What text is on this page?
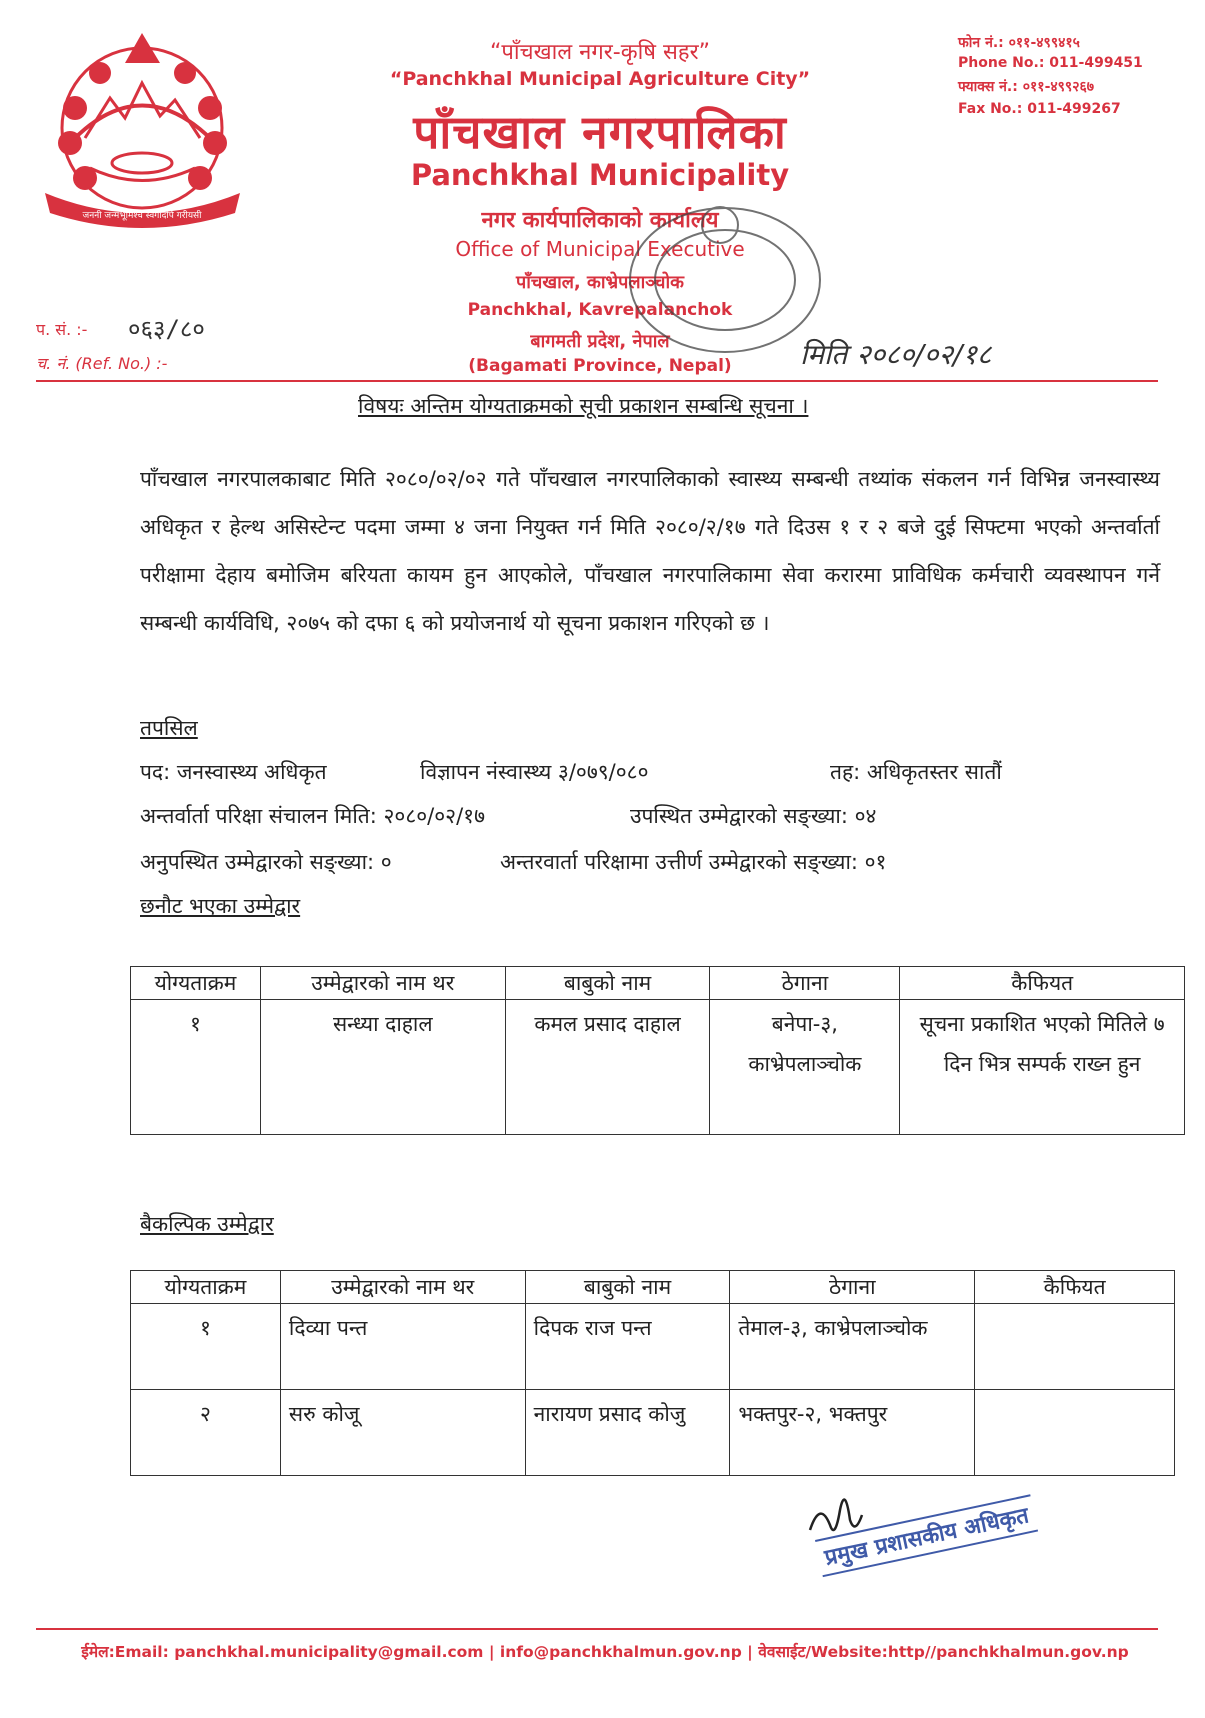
जननी जन्मभूमिश्च स्वर्गादपि गरीयसी
“पाँचखाल नगर-कृषि सहर”
“Panchkhal Municipal Agriculture City”
पाँचखाल नगरपालिका
Panchkhal Municipality
नगर कार्यपालिकाको कार्यालय
Office of Municipal Executive
पाँचखाल, काभ्रेपलाञ्चोक
Panchkhal, Kavrepalanchok
बागमती प्रदेश, नेपाल
(Bagamati Province, Nepal)
फोन नं.: ०११-४९९४१५
Phone No.: 011-499451
फ्याक्स नं.: ०११-४९९२६७
Fax No.: 011-499267
प. सं. :- ०६३/८०
च. नं. (Ref. No.) :-	मिति २०८०/०२/१८
विषयः अन्तिम योग्यताक्रमको सूची प्रकाशन सम्बन्धि सूचना ।
पाँचखाल नगरपालकाबाट मिति २०८०/०२/०२ गते पाँचखाल नगरपालिकाको स्वास्थ्य सम्बन्धी तथ्यांक संकलन गर्न विभिन्न जनस्वास्थ्य अधिकृत र हेल्थ असिस्टेन्ट पदमा जम्मा ४ जना नियुक्त गर्न मिति २०८०/२/१७ गते दिउस १ र २ बजे दुई सिफ्टमा भएको अन्तर्वार्ता परीक्षामा देहाय बमोजिम बरियता कायम हुन आएकोले, पाँचखाल नगरपालिकामा सेवा करारमा प्राविधिक कर्मचारी व्यवस्थापन गर्ने सम्बन्धी कार्यविधि, २०७५ को दफा ६ को प्रयोजनार्थ यो सूचना प्रकाशन गरिएको छ ।
तपसिल
पद: जनस्वास्थ्य अधिकृत	विज्ञापन नंस्वास्थ्य ३/०७९/०८०	तह: अधिकृतस्तर सातौं
अन्तर्वार्ता परिक्षा संचालन मिति: २०८०/०२/१७	उपस्थित उम्मेद्वारको सङ्ख्या: ०४
अनुपस्थित उम्मेद्वारको सङ्ख्या: ०	अन्तरवार्ता परिक्षामा उत्तीर्ण उम्मेद्वारको सङ्ख्या: ०१
छनौट भएका उम्मेद्वार
योग्यताक्रम	उम्मेद्वारको नाम थर	बाबुको नाम	ठेगाना	कैफियत
१	सन्ध्या दाहाल	कमल प्रसाद दाहाल	बनेपा-३, काभ्रेपलाञ्चोक	सूचना प्रकाशित भएको मितिले ७ दिन भित्र सम्पर्क राख्न हुन
बैकल्पिक उम्मेद्वार
योग्यताक्रम	उम्मेद्वारको नाम थर	बाबुको नाम	ठेगाना	कैफियत
१	दिव्या पन्त	दिपक राज पन्त	तेमाल-३, काभ्रेपलाञ्चोक	
२	सरु कोजू	नारायण प्रसाद कोजु	भक्तपुर-२, भक्तपुर	
प्रमुख प्रशासकीय अधिकृत
ईमेल:Email: panchkhal.municipality@gmail.com | info@panchkhalmun.gov.np | वेवसाईट/Website:http//panchkhalmun.gov.np
